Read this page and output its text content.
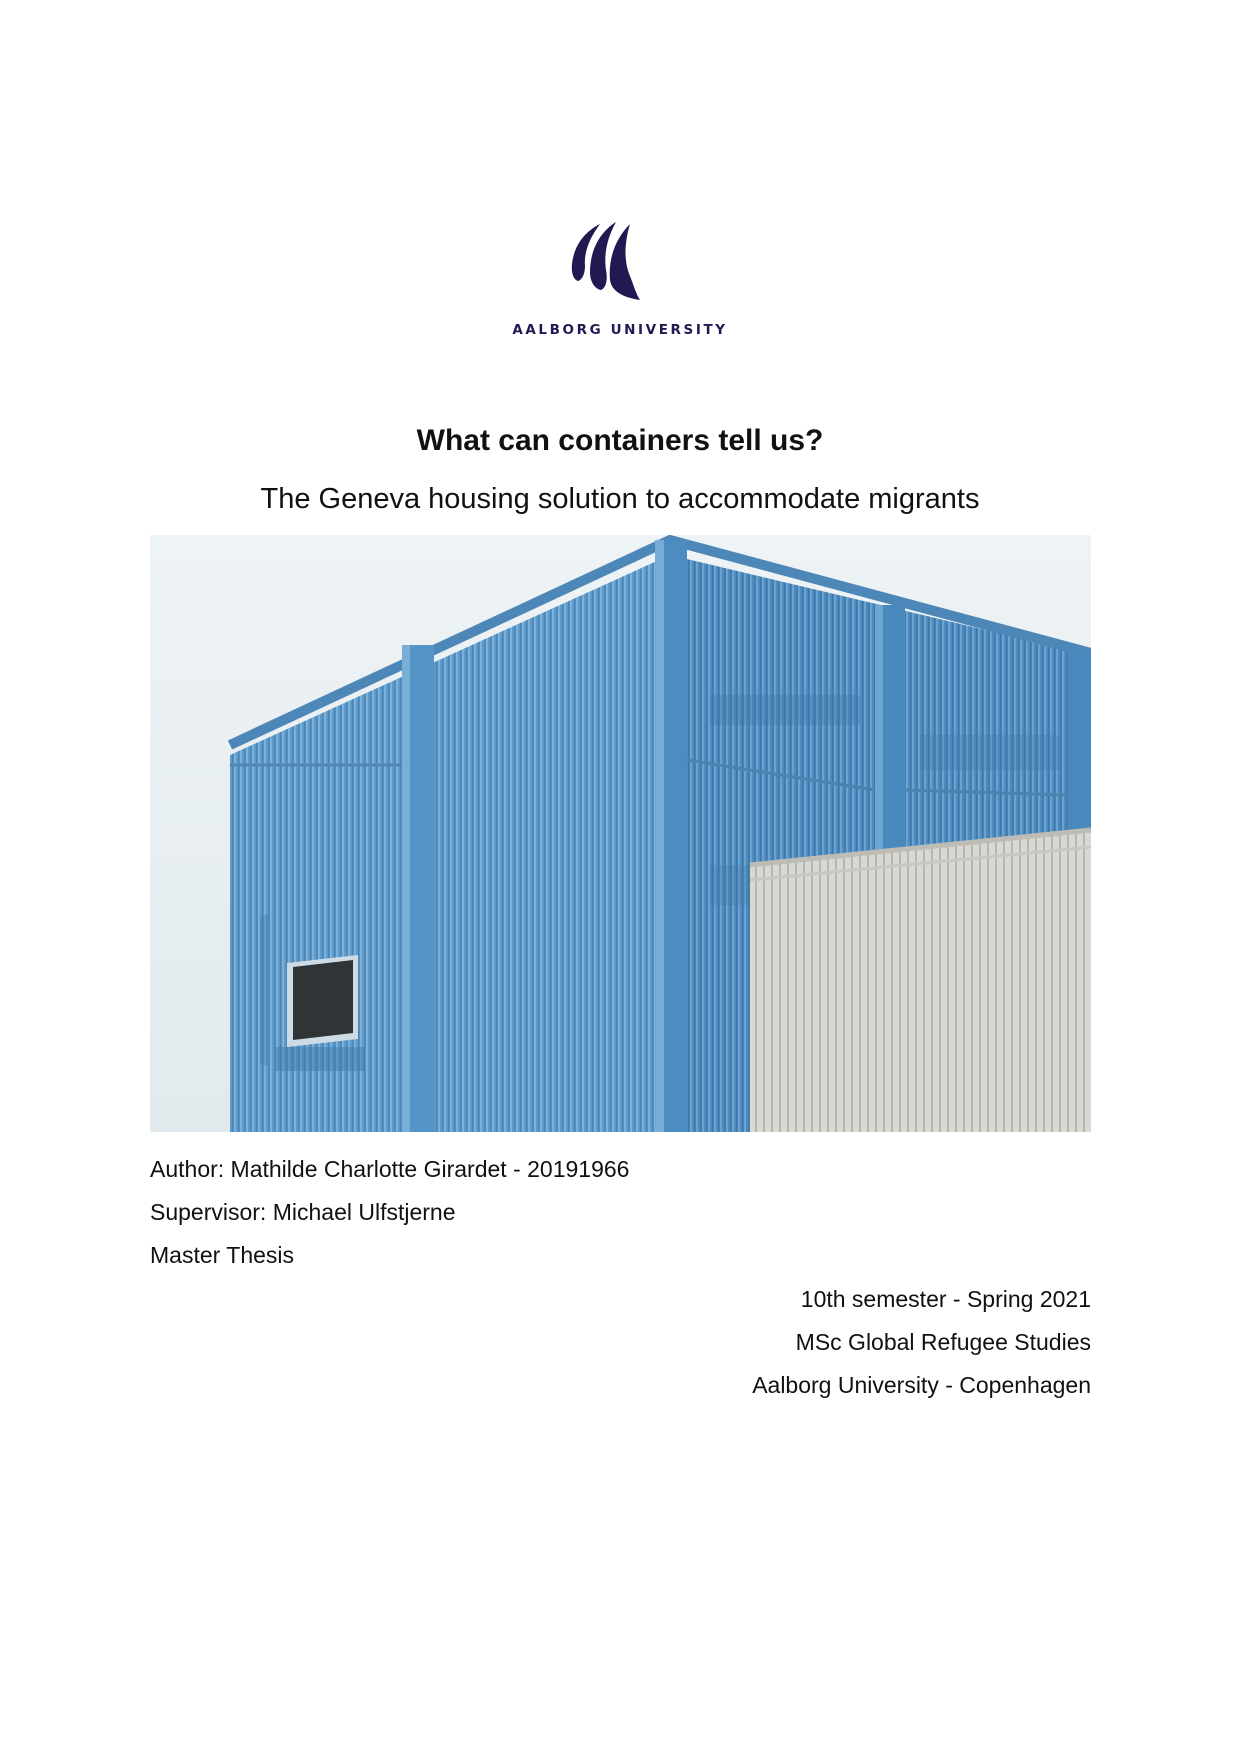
AALBORG UNIVERSITY
What can containers tell us?

The Geneva housing solution to accommodate migrants

Author: Mathilde Charlotte Girardet - 20191966
Supervisor: Michael Ulfstjerne
Master Thesis
10th semester - Spring 2021
MSc Global Refugee Studies
Aalborg University - Copenhagen
